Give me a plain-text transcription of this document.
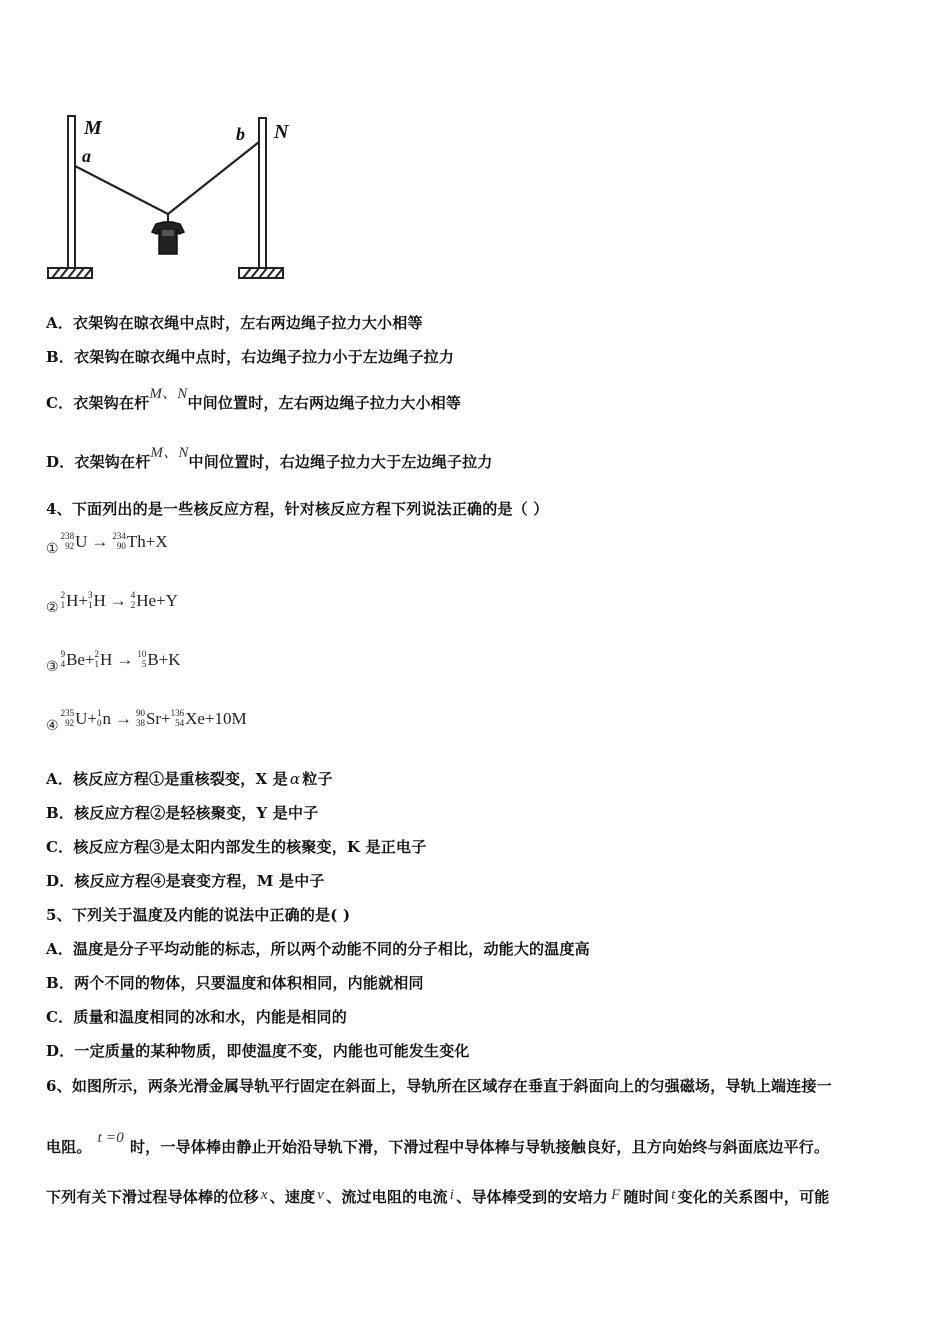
M
a
b N
A．衣架钩在晾衣绳中点时，左右两边绳子拉力大小相等
B．衣架钩在晾衣绳中点时，右边绳子拉力小于左边绳子拉力
C．衣架钩在杆M、N中间位置时，左右两边绳子拉力大小相等
D．衣架钩在杆M、N中间位置时，右边绳子拉力大于左边绳子拉力
4、下面列出的是一些核反应方程，针对核反应方程下列说法正确的是（ ）
$_①$
238
92 U → 234
90 Th+X
$_②$
2
1 H+ 3
1 H → 4
2 He+Y
$_③$
9
4 Be+ 2
1 H → 10
5 B+K
$_④$
235
92 U+ 1
0 n → 90
38 Sr+ 136
54 Xe+10M
A．核反应方程①是重核裂变，X 是 α 粒子
B．核反应方程②是轻核聚变，Y 是中子
C．核反应方程③是太阳内部发生的核聚变，K 是正电子
D．核反应方程④是衰变方程，M 是中子
5、下列关于温度及内能的说法中正确的是( )
A．温度是分子平均动能的标志，所以两个动能不同的分子相比，动能大的温度高
B．两个不同的物体，只要温度和体积相同，内能就相同
C．质量和温度相同的冰和水，内能是相同的
D．一定质量的某种物质，即使温度不变，内能也可能发生变化
6、如图所示，两条光滑金属导轨平行固定在斜面上，导轨所在区域存在垂直于斜面向上的匀强磁场，导轨上端连接一
电阻。 t =0 时，一导体棒由静止开始沿导轨下滑，下滑过程中导体棒与导轨接触良好，且方向始终与斜面底边平行。
下列有关下滑过程导体棒的位移 x 、速度 v 、流过电阻的电流 i 、导体棒受到的安培力 F 随时间 t 变化的关系图中，可能
